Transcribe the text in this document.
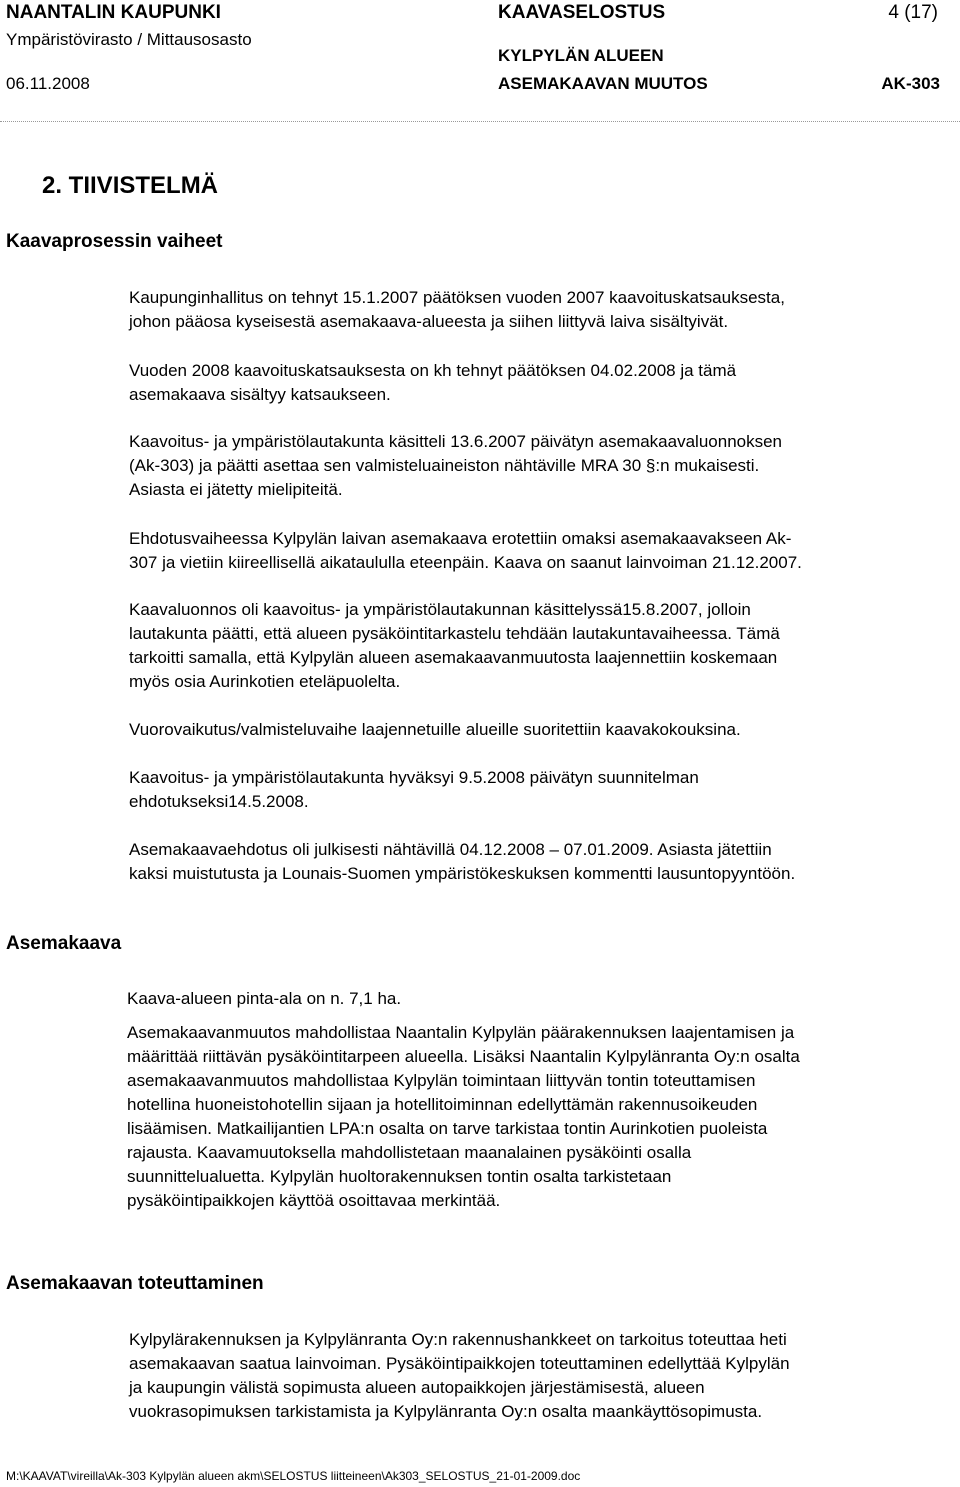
NAANTALIN KAUPUNKI	KAAVASELOSTUS	4 (17)
Ympäristövirasto / Mittausosasto
KYLPYLÄN ALUEEN
06.11.2008	ASEMAKAAVAN MUUTOS	AK-303
2. TIIVISTELMÄ
Kaavaprosessin vaiheet
Kaupunginhallitus on tehnyt 15.1.2007 päätöksen vuoden 2007 kaavoituskatsauksesta,
johon pääosa kyseisestä asemakaava-alueesta ja siihen liittyvä laiva sisältyivät.
Vuoden 2008 kaavoituskatsauksesta on kh tehnyt päätöksen 04.02.2008 ja tämä
asemakaava sisältyy katsaukseen.
Kaavoitus- ja ympäristölautakunta käsitteli 13.6.2007 päivätyn asemakaavaluonnoksen
(Ak-303) ja päätti asettaa sen valmisteluaineiston nähtäville MRA 30 §:n mukaisesti.
Asiasta ei jätetty mielipiteitä.
Ehdotusvaiheessa Kylpylän laivan asemakaava erotettiin omaksi asemakaavakseen Ak-
307 ja vietiin kiireellisellä aikataululla eteenpäin. Kaava on saanut lainvoiman 21.12.2007.
Kaavaluonnos oli kaavoitus- ja ympäristölautakunnan käsittelyssä15.8.2007, jolloin
lautakunta päätti, että alueen pysäköintitarkastelu tehdään lautakuntavaiheessa. Tämä
tarkoitti samalla, että Kylpylän alueen asemakaavanmuutosta laajennettiin koskemaan
myös osia Aurinkotien eteläpuolelta.
Vuorovaikutus/valmisteluvaihe laajennetuille alueille suoritettiin kaavakokouksina.
Kaavoitus- ja ympäristölautakunta hyväksyi 9.5.2008 päivätyn suunnitelman
ehdotukseksi14.5.2008.
Asemakaavaehdotus oli julkisesti nähtävillä 04.12.2008 – 07.01.2009. Asiasta jätettiin
kaksi muistutusta ja Lounais-Suomen ympäristökeskuksen kommentti lausuntopyyntöön.
Asemakaava
Kaava-alueen pinta-ala on n. 7,1 ha.
Asemakaavanmuutos mahdollistaa Naantalin Kylpylän päärakennuksen laajentamisen ja
määrittää riittävän pysäköintitarpeen alueella. Lisäksi Naantalin Kylpylänranta Oy:n osalta
asemakaavanmuutos mahdollistaa Kylpylän toimintaan liittyvän tontin toteuttamisen
hotellina huoneistohotellin sijaan ja hotellitoiminnan edellyttämän rakennusoikeuden
lisäämisen. Matkailijantien LPA:n osalta on tarve tarkistaa tontin Aurinkotien puoleista
rajausta. Kaavamuutoksella mahdollistetaan maanalainen pysäköinti osalla
suunnittelualuetta. Kylpylän huoltorakennuksen tontin osalta tarkistetaan
pysäköintipaikkojen käyttöä osoittavaa merkintää.
Asemakaavan toteuttaminen
Kylpylärakennuksen ja Kylpylänranta Oy:n rakennushankkeet on tarkoitus toteuttaa heti
asemakaavan saatua lainvoiman. Pysäköintipaikkojen toteuttaminen edellyttää Kylpylän
ja kaupungin välistä sopimusta alueen autopaikkojen järjestämisestä, alueen
vuokrasopimuksen tarkistamista ja Kylpylänranta Oy:n osalta maankäyttösopimusta.
M:\KAAVAT\vireilla\Ak-303 Kylpylän alueen akm\SELOSTUS liitteineen\Ak303_SELOSTUS_21-01-2009.doc
